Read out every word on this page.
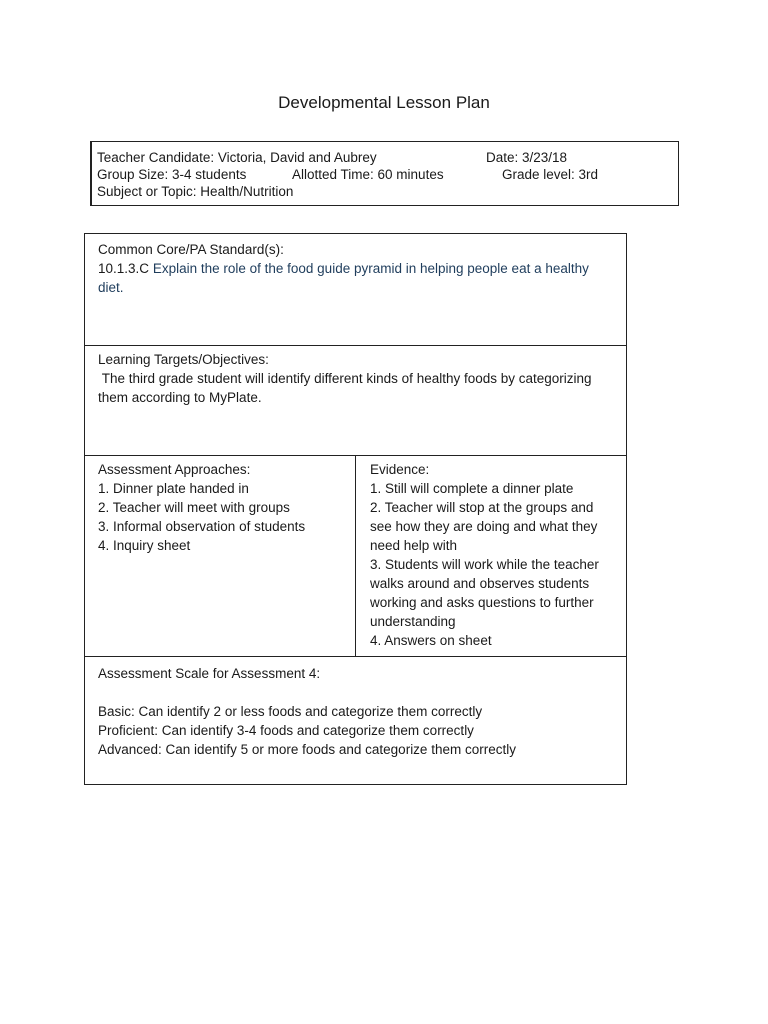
Developmental Lesson Plan
Teacher Candidate: Victoria, David and Aubrey	Date: 3/23/18
Group Size: 3-4 students	Allotted Time: 60 minutes	Grade level: 3rd
Subject or Topic: Health/Nutrition
Common Core/PA Standard(s):
10.1.3.C Explain the role of the food guide pyramid in helping people eat a healthy diet.
Learning Targets/Objectives:
The third grade student will identify different kinds of healthy foods by categorizing them according to MyPlate.
Assessment Approaches:
1. Dinner plate handed in
2. Teacher will meet with groups
3. Informal observation of students
4. Inquiry sheet
Evidence:
1. Still will complete a dinner plate
2. Teacher will stop at the groups and see how they are doing and what they need help with
3. Students will work while the teacher walks around and observes students working and asks questions to further understanding
4. Answers on sheet
Assessment Scale for Assessment 4:
Basic: Can identify 2 or less foods and categorize them correctly
Proficient: Can identify 3-4 foods and categorize them correctly
Advanced: Can identify 5 or more foods and categorize them correctly
